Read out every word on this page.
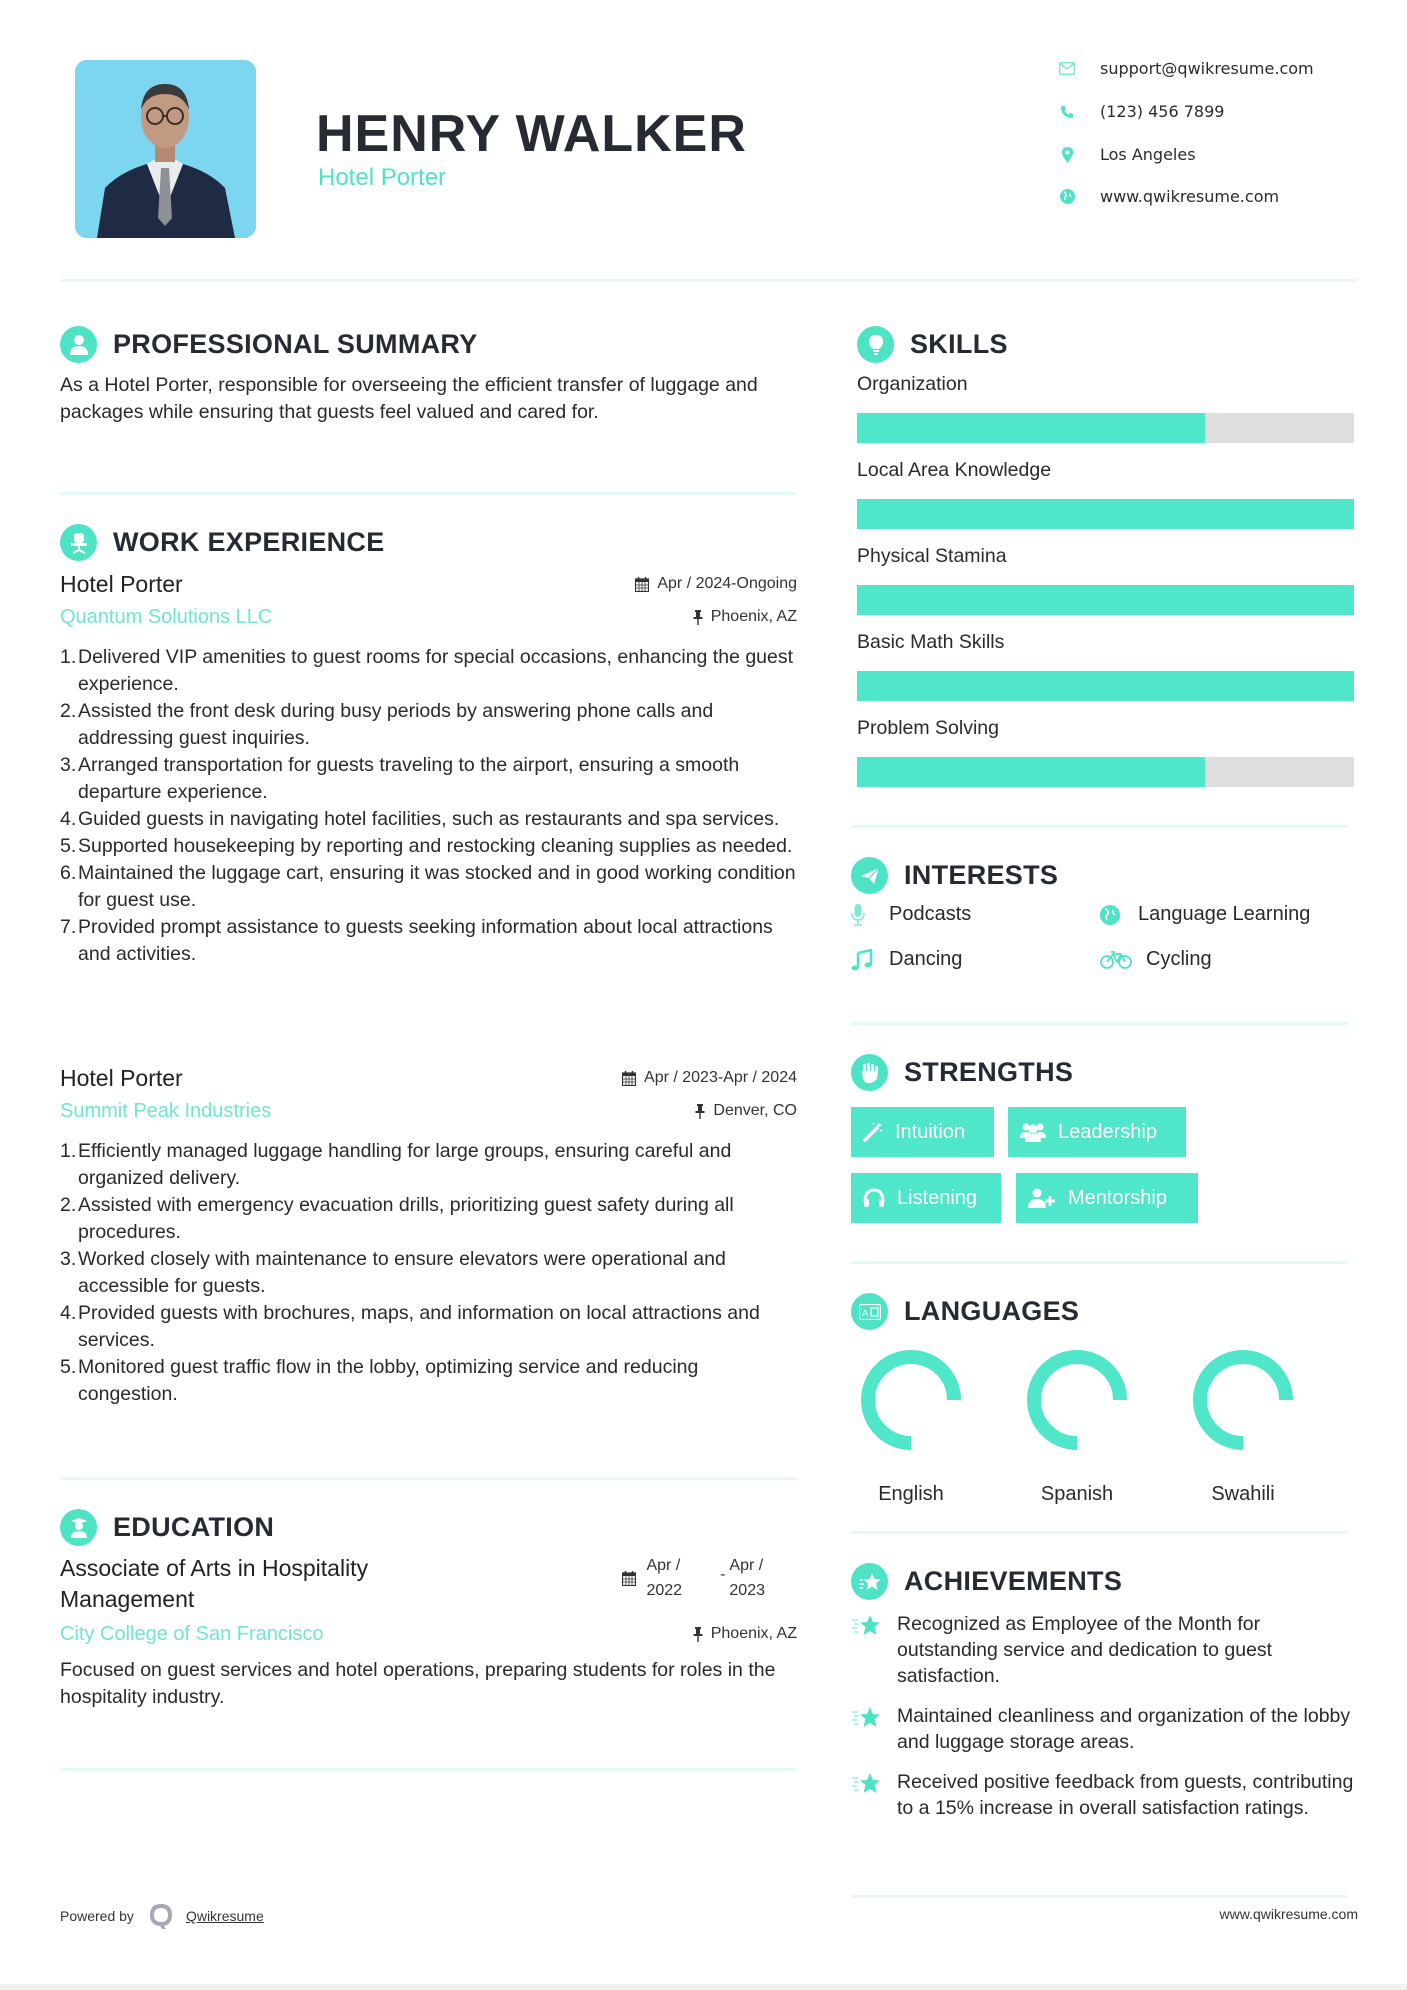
HENRY WALKER
Hotel Porter
support@qwikresume.com
(123) 456 7899
Los Angeles
www.qwikresume.com
PROFESSIONAL SUMMARY
As a Hotel Porter, responsible for overseeing the efficient transfer of luggage and packages while ensuring that guests feel valued and cared for.
WORK EXPERIENCE
Hotel Porter	Apr / 2024-Ongoing
Quantum Solutions LLC	Phoenix, AZ
1. Delivered VIP amenities to guest rooms for special occasions, enhancing the guest experience.
2. Assisted the front desk during busy periods by answering phone calls and addressing guest inquiries.
3. Arranged transportation for guests traveling to the airport, ensuring a smooth departure experience.
4. Guided guests in navigating hotel facilities, such as restaurants and spa services.
5. Supported housekeeping by reporting and restocking cleaning supplies as needed.
6. Maintained the luggage cart, ensuring it was stocked and in good working condition for guest use.
7. Provided prompt assistance to guests seeking information about local attractions and activities.
Hotel Porter	Apr / 2023-Apr / 2024
Summit Peak Industries	Denver, CO
1. Efficiently managed luggage handling for large groups, ensuring careful and organized delivery.
2. Assisted with emergency evacuation drills, prioritizing guest safety during all procedures.
3. Worked closely with maintenance to ensure elevators were operational and accessible for guests.
4. Provided guests with brochures, maps, and information on local attractions and services.
5. Monitored guest traffic flow in the lobby, optimizing service and reducing congestion.
EDUCATION
Associate of Arts in Hospitality
Management
Apr /
2022
- Apr /
2023
City College of San Francisco	Phoenix, AZ
Focused on guest services and hotel operations, preparing students for roles in the hospitality industry.
SKILLS
Organization
Local Area Knowledge
Physical Stamina
Basic Math Skills
Problem Solving
INTERESTS
Podcasts	Language Learning
Dancing	Cycling
STRENGTHS
Intuition	Leadership
Listening	Mentorship
A LANGUAGES
English	Spanish	Swahili
ACHIEVEMENTS
Recognized as Employee of the Month for outstanding service and dedication to guest satisfaction.
Maintained cleanliness and organization of the lobby and luggage storage areas.
Received positive feedback from guests, contributing to a 15% increase in overall satisfaction ratings.
Powered by	Qwikresume	www.qwikresume.com
